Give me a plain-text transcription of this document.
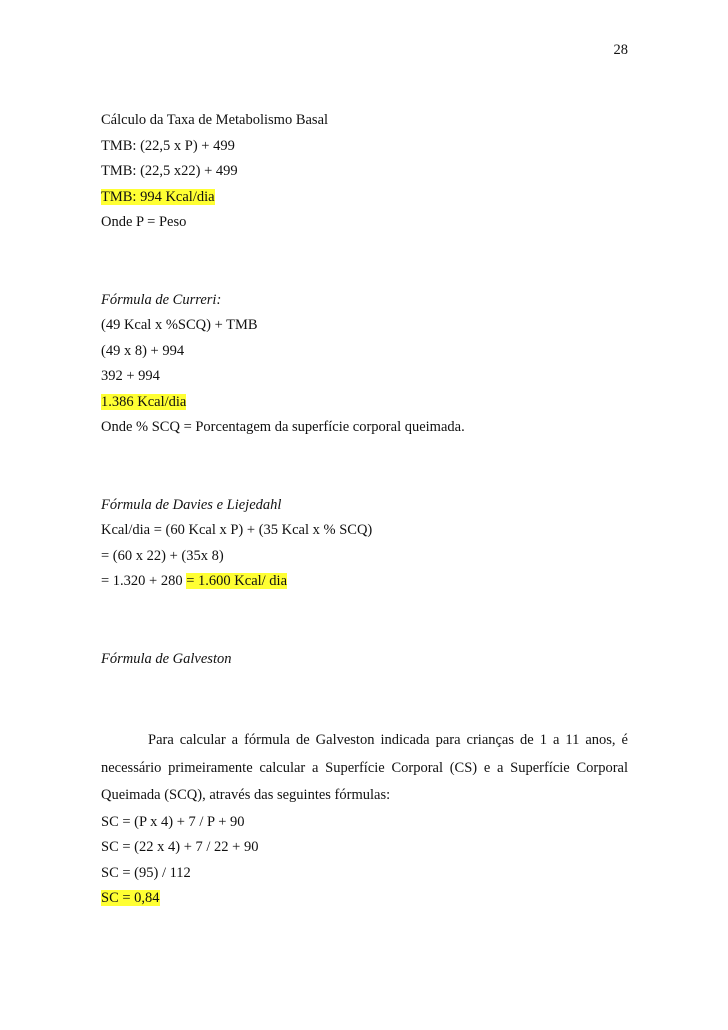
28
Cálculo da Taxa de Metabolismo Basal
TMB: (22,5 x P) + 499
TMB: (22,5 x22) + 499
TMB: 994 Kcal/dia
Onde P = Peso
Fórmula de Curreri:
(49 Kcal x %SCQ) + TMB
(49 x 8) + 994
392 + 994
1.386 Kcal/dia
Onde % SCQ = Porcentagem da superfície corporal queimada.
Fórmula de Davies e Liejedahl
Kcal/dia = (60 Kcal x P) + (35 Kcal x % SCQ)
= (60 x 22) + (35x 8)
= 1.320 + 280 = 1.600 Kcal/ dia
Fórmula de Galveston
Para calcular a fórmula de Galveston indicada para crianças de 1 a 11 anos, é
necessário primeiramente calcular a Superfície Corporal (CS) e a Superfície Corporal
Queimada (SCQ), através das seguintes fórmulas:
SC = (P x 4) + 7 / P + 90
SC = (22 x 4) + 7 / 22 + 90
SC = (95) / 112
SC = 0,84
